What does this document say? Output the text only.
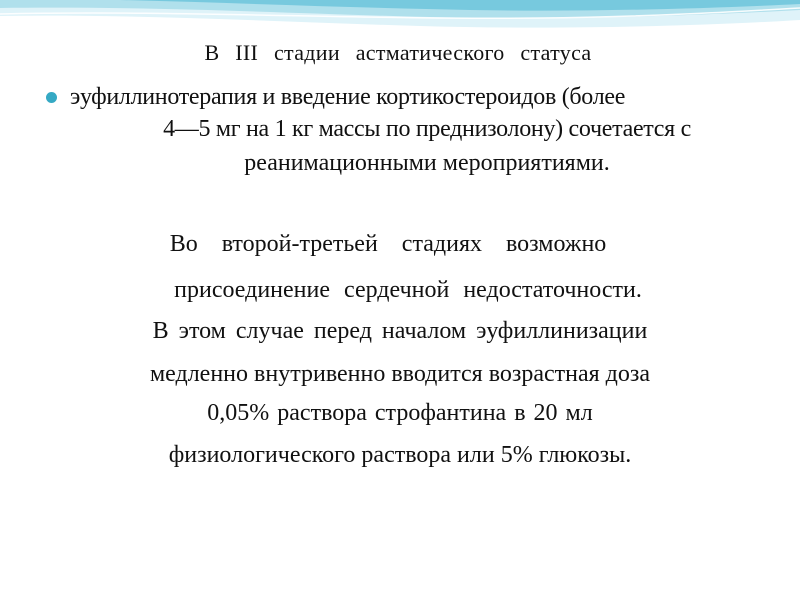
В III стадии астматического статуса
эуфиллинотерапия и введение кортикостероидов (более
4—5 мг на 1 кг массы по преднизолону) сочетается с
реанимационными мероприятиями.
Во второй-третьей стадиях возможно
присоединение сердечной недостаточности.
В этом случае перед началом эуфиллинизации
медленно внутривенно вводится возрастная доза
0,05% раствора строфантина в 20 мл
физиологического раствора или 5% глюкозы.
